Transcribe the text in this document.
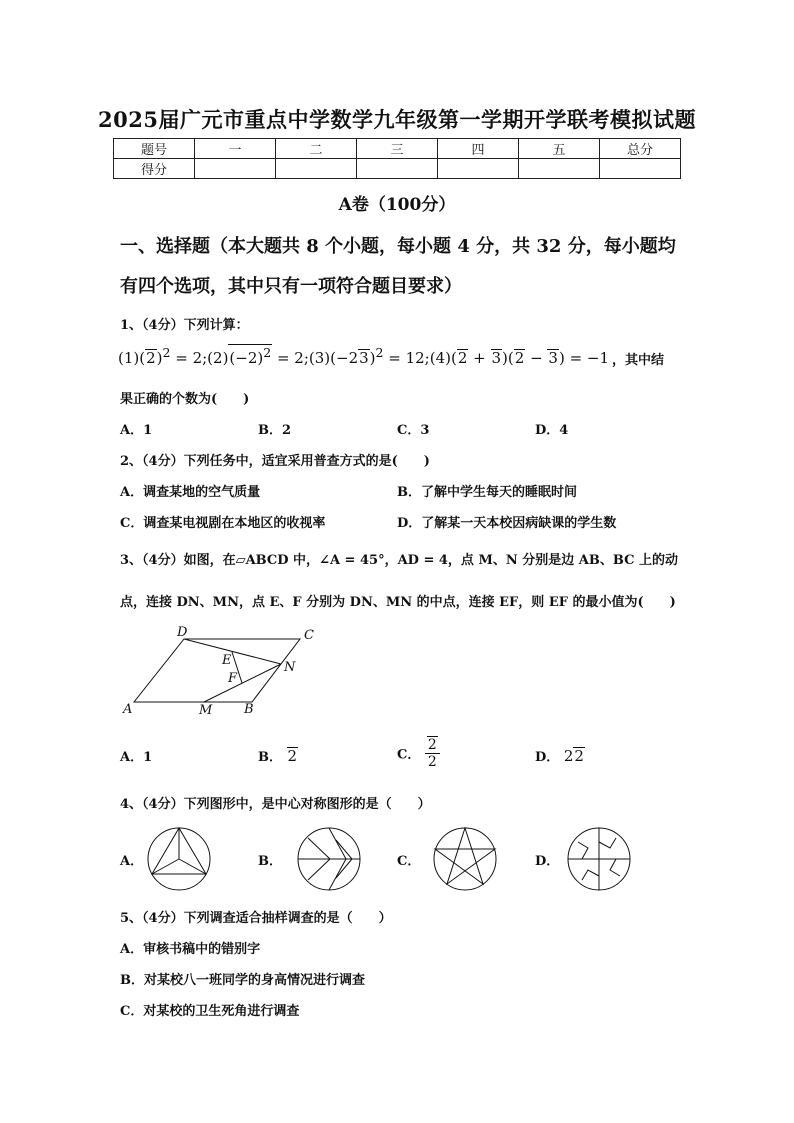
2025届广元市重点中学数学九年级第一学期开学联考模拟试题
题号	一	二	三	四	五	总分
得分						
A卷（100分）
一、选择题（本大题共 8 个小题，每小题 4 分，共 32 分，每小题均
有四个选项，其中只有一项符合题目要求）
1、（4分）下列计算：
$(1)(2)^2$ = $2;(2)(-2)^2$ = $2;(3)(-23)^2$ = 12;(4)(2 + 3)(2 − 3) = −1 ，其中结
果正确的个数为(　　)
A．1	B．2	C．3	D．4
2、（4分）下列任务中，适宜采用普查方式的是(　　)
A．调查某地的空气质量	B．了解中学生每天的睡眠时间
C．调查某电视剧在本地区的收视率	D．了解某一天本校因病缺课的学生数
3、（4分）如图，在▱ABCD 中，∠A = 45°，AD = 4，点 M、N 分别是边 AB、BC 上的动
点，连接 DN、MN，点 E、F 分别为 DN、MN 的中点，连接 EF，则 EF 的最小值为(　　)
D	C
E	N
F
A	M B
A．1	B． 2	C． $\frac{2}{2}$	D． 22
4、（4分）下列图形中，是中心对称图形的是（　　）
A．	B．	C．	D．
5、（4分）下列调查适合抽样调查的是（　　）
A．审核书稿中的错别字
B．对某校八一班同学的身高情况进行调查
C．对某校的卫生死角进行调查
